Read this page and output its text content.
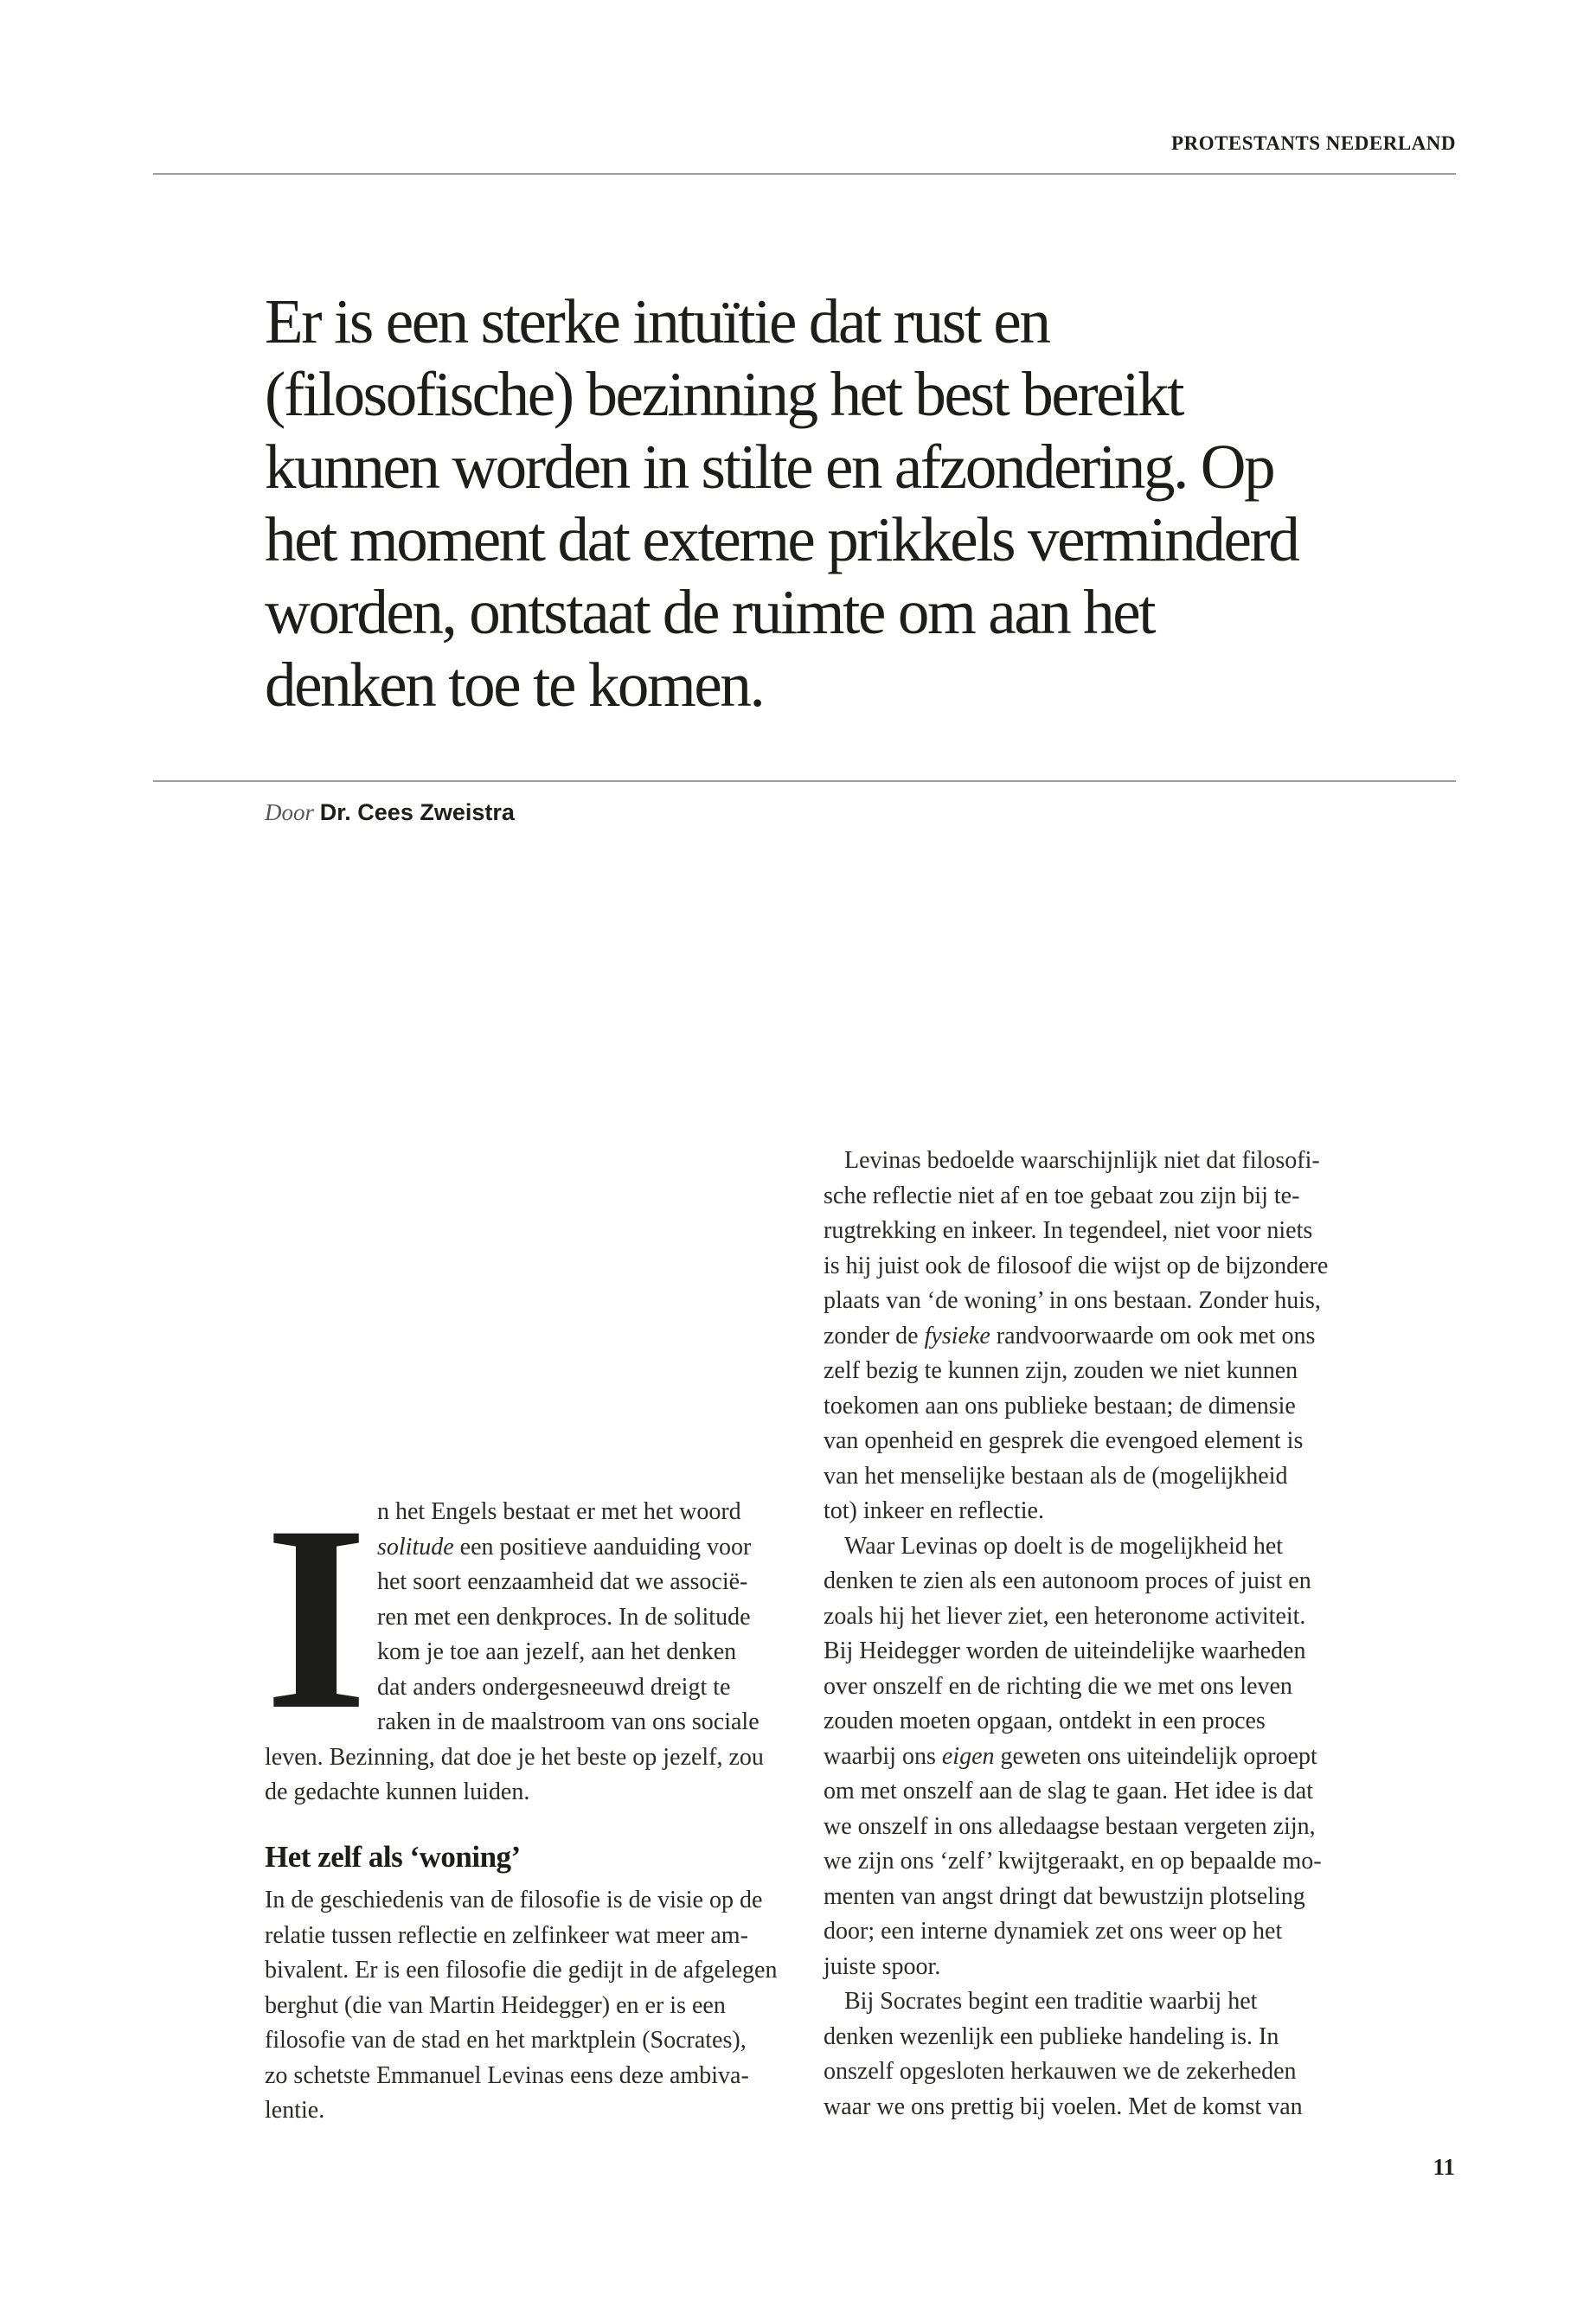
PROTESTANTS NEDERLAND
Er is een sterke intuïtie dat rust en
(filosofische) bezinning het best bereikt
kunnen worden in stilte en afzondering. Op
het moment dat externe prikkels verminderd
worden, ontstaat de ruimte om aan het
denken toe te komen.
Door Dr. Cees Zweistra
I n het Engels bestaat er met het woord
solitude een positieve aanduiding voor
het soort eenzaamheid dat we associë-
ren met een denkproces. In de solitude
kom je toe aan jezelf, aan het denken
dat anders ondergesneeuwd dreigt te
raken in de maalstroom van ons sociale
leven. Bezinning, dat doe je het beste op jezelf, zou
de gedachte kunnen luiden.
Het zelf als ‘woning’
In de geschiedenis van de filosofie is de visie op de
relatie tussen reflectie en zelfinkeer wat meer am-
bivalent. Er is een filosofie die gedijt in de afgelegen
berghut (die van Martin Heidegger) en er is een
filosofie van de stad en het marktplein (Socrates),
zo schetste Emmanuel Levinas eens deze ambiva-
lentie.
Levinas bedoelde waarschijnlijk niet dat filosofi-
sche reflectie niet af en toe gebaat zou zijn bij te-
rugtrekking en inkeer. In tegendeel, niet voor niets
is hij juist ook de filosoof die wijst op de bijzondere
plaats van ‘de woning’ in ons bestaan. Zonder huis,
zonder de fysieke randvoorwaarde om ook met ons
zelf bezig te kunnen zijn, zouden we niet kunnen
toekomen aan ons publieke bestaan; de dimensie
van openheid en gesprek die evengoed element is
van het menselijke bestaan als de (mogelijkheid
tot) inkeer en reflectie.
Waar Levinas op doelt is de mogelijkheid het
denken te zien als een autonoom proces of juist en
zoals hij het liever ziet, een heteronome activiteit.
Bij Heidegger worden de uiteindelijke waarheden
over onszelf en de richting die we met ons leven
zouden moeten opgaan, ontdekt in een proces
waarbij ons eigen geweten ons uiteindelijk oproept
om met onszelf aan de slag te gaan. Het idee is dat
we onszelf in ons alledaagse bestaan vergeten zijn,
we zijn ons ‘zelf’ kwijtgeraakt, en op bepaalde mo-
menten van angst dringt dat bewustzijn plotseling
door; een interne dynamiek zet ons weer op het
juiste spoor.
Bij Socrates begint een traditie waarbij het
denken wezenlijk een publieke handeling is. In
onszelf opgesloten herkauwen we de zekerheden
waar we ons prettig bij voelen. Met de komst van
11
